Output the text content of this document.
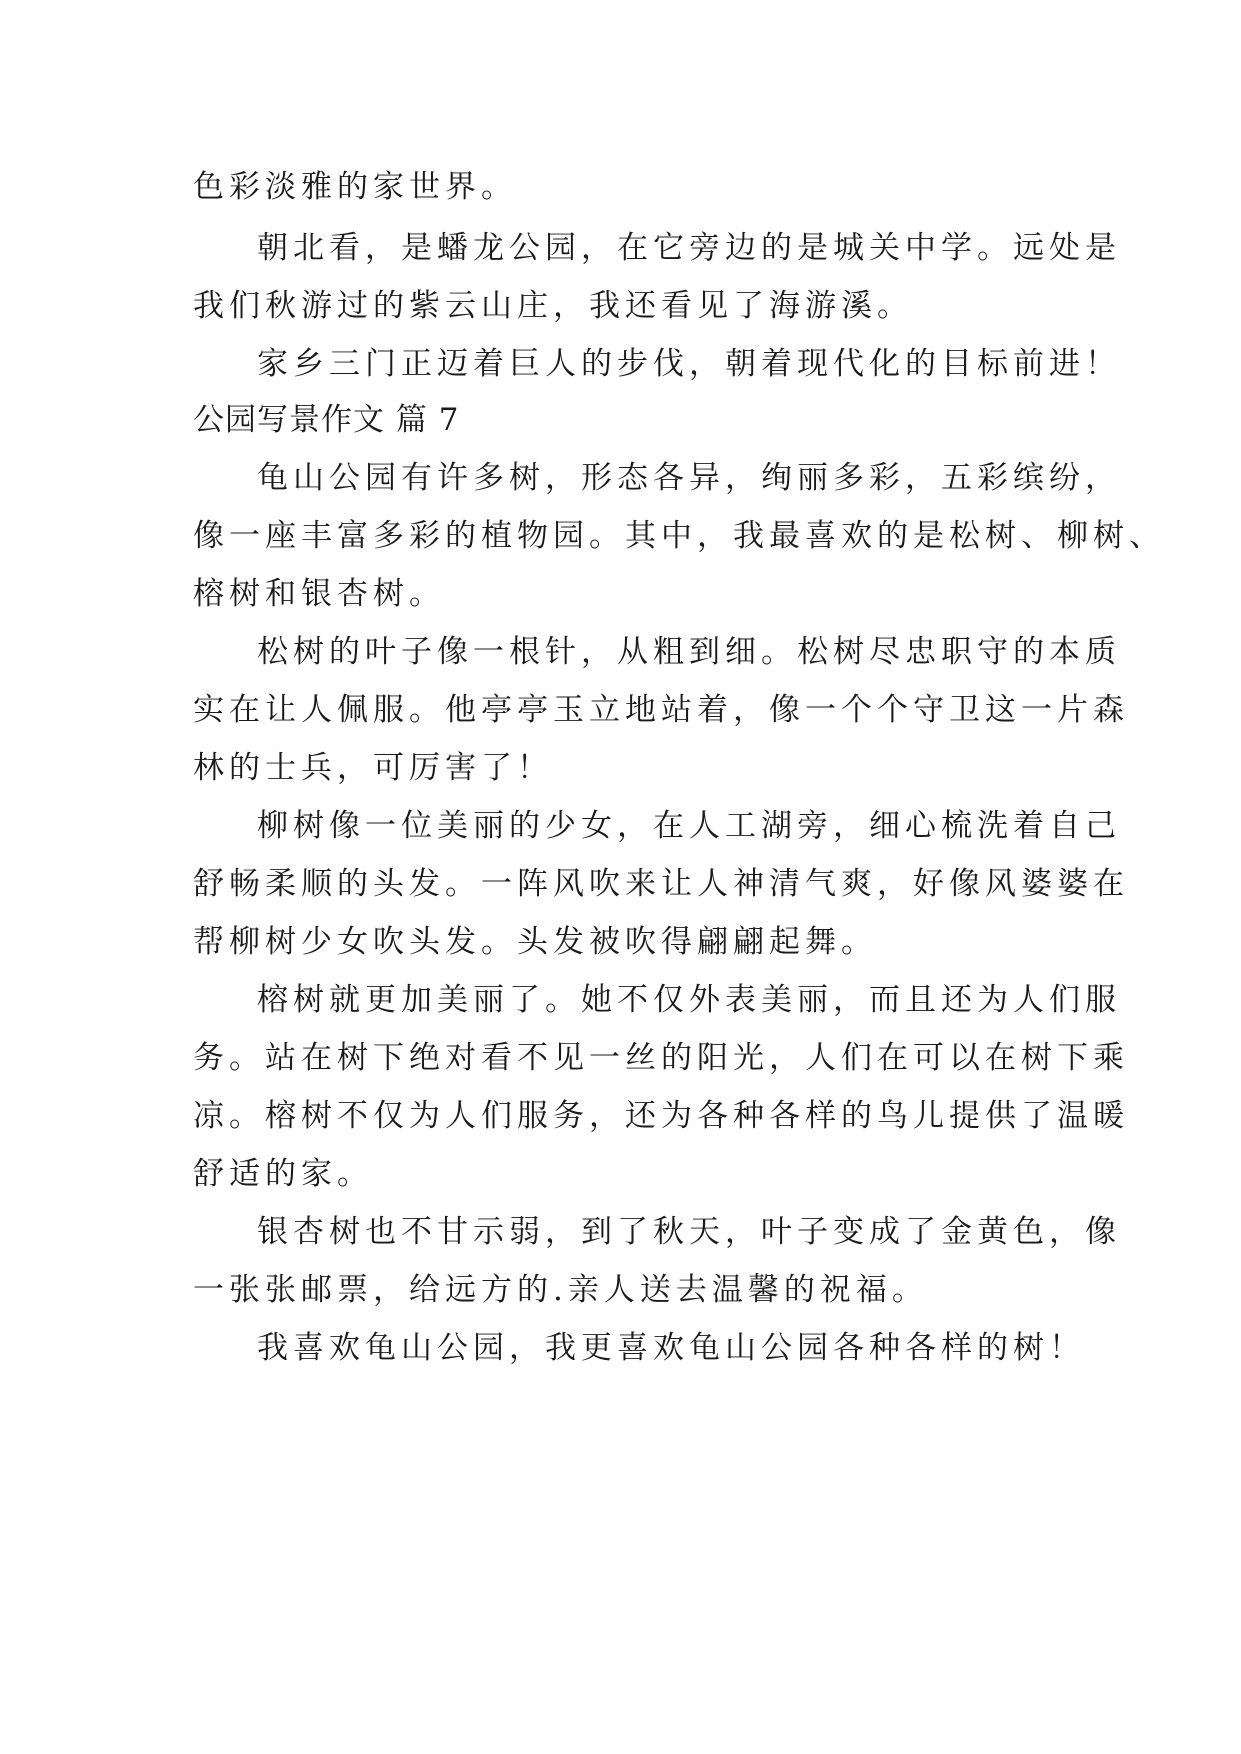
色彩淡雅的家世界。
朝北看，是蟠龙公园，在它旁边的是城关中学。远处是
我们秋游过的紫云山庄，我还看见了海游溪。
家乡三门正迈着巨人的步伐，朝着现代化的目标前进！
公园写景作文 篇 7
龟山公园有许多树，形态各异，绚丽多彩，五彩缤纷，
像一座丰富多彩的植物园。其中，我最喜欢的是松树、柳树、
榕树和银杏树。
松树的叶子像一根针，从粗到细。松树尽忠职守的本质
实在让人佩服。他亭亭玉立地站着，像一个个守卫这一片森
林的士兵，可厉害了！
柳树像一位美丽的少女，在人工湖旁，细心梳洗着自己
舒畅柔顺的头发。一阵风吹来让人神清气爽，好像风婆婆在
帮柳树少女吹头发。头发被吹得翩翩起舞。
榕树就更加美丽了。她不仅外表美丽，而且还为人们服
务。站在树下绝对看不见一丝的阳光，人们在可以在树下乘
凉。榕树不仅为人们服务，还为各种各样的鸟儿提供了温暖
舒适的家。
银杏树也不甘示弱，到了秋天，叶子变成了金黄色，像
一张张邮票，给远方的.亲人送去温馨的祝福。
我喜欢龟山公园，我更喜欢龟山公园各种各样的树！
